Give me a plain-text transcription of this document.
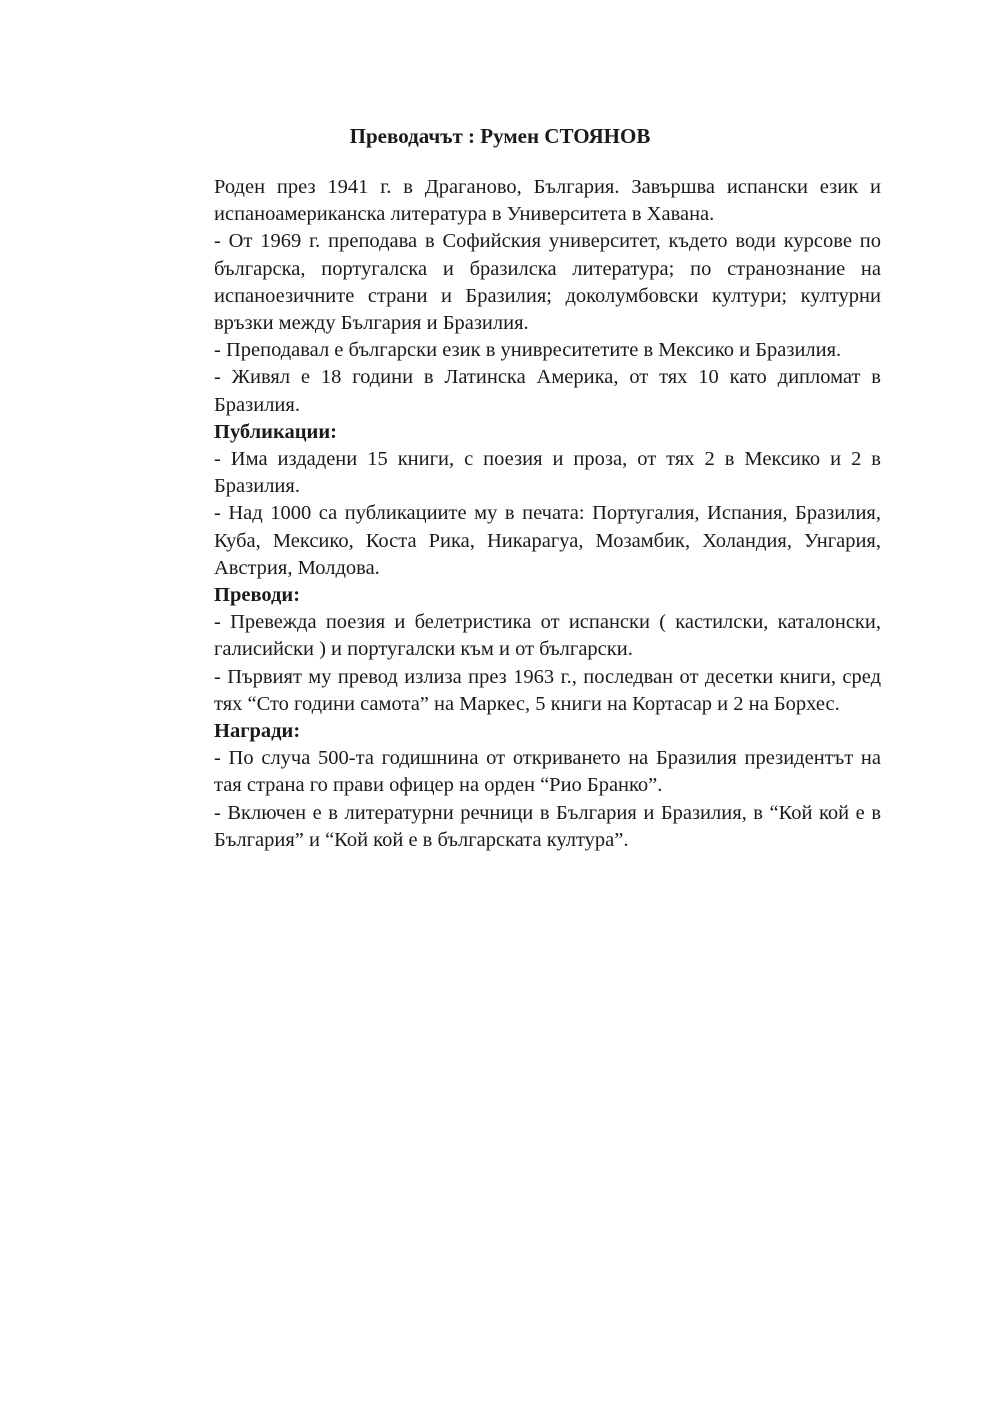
Преводачът : Румен СТОЯНОВ

Роден през 1941 г. в Драганово, България. Завършва испански език и испаноамериканска литература в Университета в Хавана.

- От 1969 г. преподава в Софийския университет, където води курсове по българска, португалска и бразилска литература; по странознание на испаноезичните страни и Бразилия; доколумбовски култури; културни връзки между България и Бразилия.

- Преподавал е български език в унивреситетите в Мексико и Бразилия.

- Живял е 18 години в Латинска Америка, от тях 10 като дипломат в Бразилия.

Публикации:

- Има издадени 15 книги, с поезия и проза, от тях 2 в Мексико и 2 в Бразилия.

- Над 1000 са публикациите му в печата: Португалия, Испания, Бразилия, Куба, Мексико, Коста Рика, Никарагуа, Мозамбик, Холандия, Унгария, Австрия, Молдова.

Преводи:

- Превежда поезия и белетристика от испански ( кастилски, каталонски, галисийски ) и португалски към и от български.

- Първият му превод излиза през 1963 г., последван от десетки книги, сред тях “Сто години самота” на Маркес, 5 книги на Кортасар и 2 на Борхес.

Награди:

- По случа 500-та годишнина от откриването на Бразилия президентът на тая страна го прави офицер на орден “Рио Бранко”.

- Включен е в литературни речници в България и Бразилия, в “Кой кой е в България” и “Кой кой е в българската култура”.
